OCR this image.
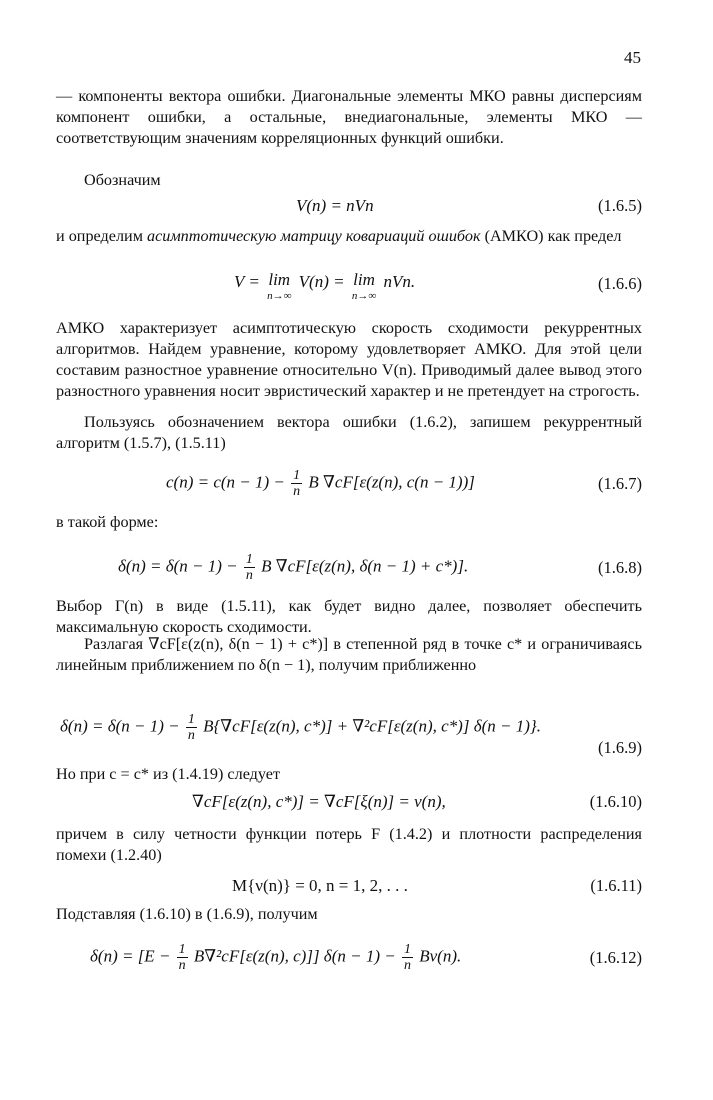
45

— компоненты вектора ошибки. Диагональные элементы МКО равны дисперсиям компонент ошибки, а остальные, внедиагональные, элементы МКО — соответствующим значениям корреляционных функций ошибки.

Обозначим

V(n) = nVn	(1.6.5)

и определим асимптотическую матрицу ковариаций ошибок (АМКО) как предел

V = lim
n→∞
V(n) = lim
n→∞
nVn.	(1.6.6)

АМКО характеризует асимптотическую скорость сходимости рекуррентных алгоритмов. Найдем уравнение, которому удовлетворяет АМКО. Для этой цели составим разностное уравнение относительно V(n). Приводимый далее вывод этого разностного уравнения носит эвристический характер и не претендует на строгость.

Пользуясь обозначением вектора ошибки (1.6.2), запишем рекуррентный алгоритм (1.5.7), (1.5.11)

$c(n) = c(n - 1) - \frac{1}{n}$ B ∇cF[ε(z(n), c(n − 1))]	(1.6.7)

в такой форме:

$\delta(n) = \delta(n - 1) - \frac{1}{n}$ B ∇cF[ε(z(n), δ(n − 1) + c*)].	(1.6.8)

Выбор Γ(n) в виде (1.5.11), как будет видно далее, позволяет обеспечить максимальную скорость сходимости.

Разлагая ∇cF[ε(z(n), δ(n − 1) + c*)] в степенной ряд в точке c* и ограничиваясь линейным приближением по δ(n − 1), получим приближенно

$\delta(n) = \delta(n - 1) - \frac{1}{n} B\{\nabla cF[\varepsilon(z(n)$, c*)] + ∇²cF[ε(z(n), c*)] δ(n − 1)}.
(1.6.9)

Но при c = c* из (1.4.19) следует

∇cF[ε(z(n), c*)] = ∇cF[ξ(n)] = ν(n),	(1.6.10)

причем в силу четности функции потерь F (1.4.2) и плотности распределения помехи (1.2.40)

M{ν(n)} = 0, n = 1, 2, . . .	(1.6.11)

Подставляя (1.6.10) в (1.6.9), получим

$\delta(n) = [E - \frac{1}{n} B\nabla^2cF[\varepsilon(z(n)$, c)]] $\delta(n - 1) - \frac{1}{n} B\nu(n)$.	(1.6.12)
